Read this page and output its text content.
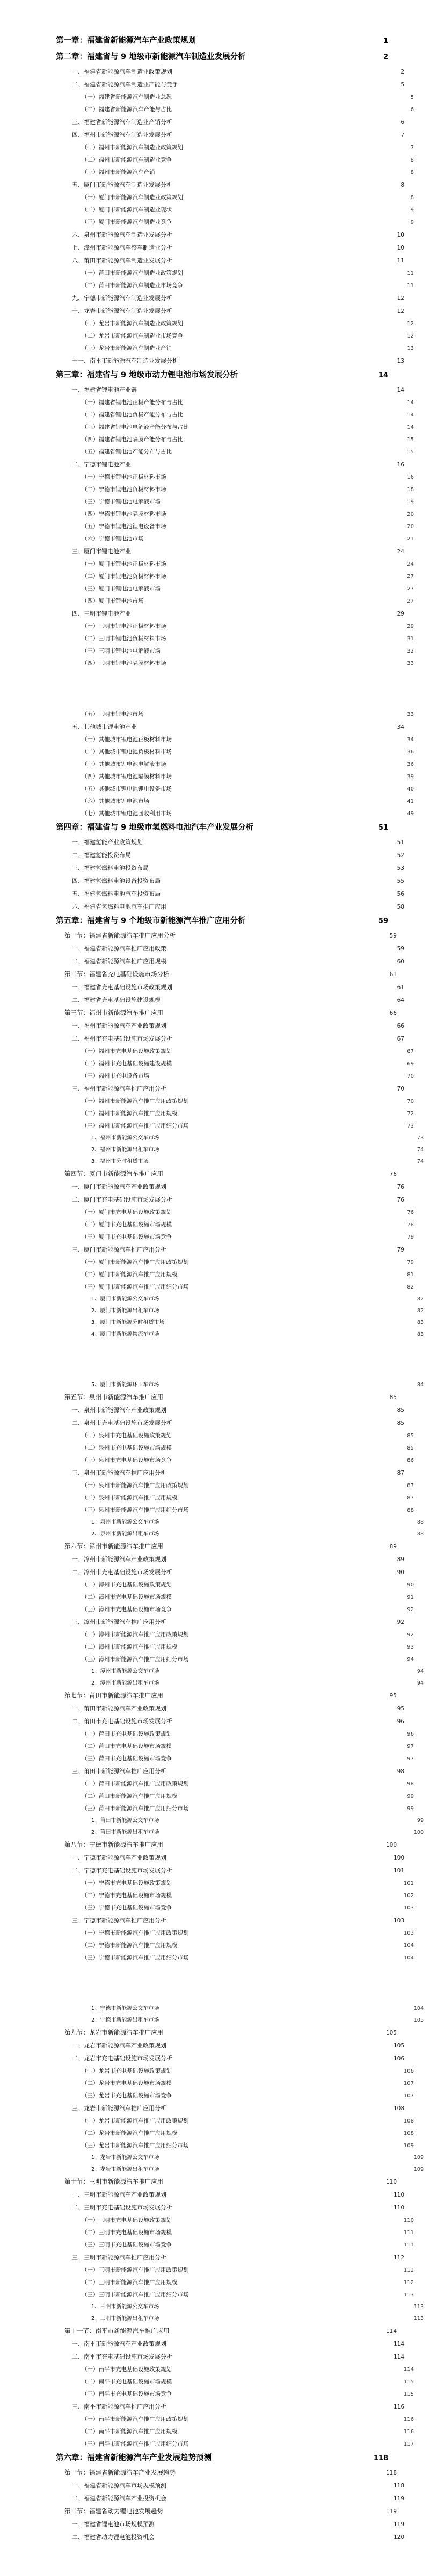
第一章：福建省新能源汽车产业政策规划 .....	1
第二章：福建省与 9 地级市新能源汽车制造业发展分析 .....	2
一、福建省新能源汽车制造业政策规划 .....	2
二、福建省新能源汽车制造业产能与竞争 .....	5
（一）福建省新能源汽车制造业总况 .....	5
（二）福建省新能源汽车产能与占比 .....	6
三、福建省新能源汽车制造业产销分析 .....	6
四、福州市新能源汽车制造业发展分析 .....	7
（一）福州市新能源汽车制造业政策规划 .....	7
（二）福州市新能源汽车制造业竞争 .....	8
（三）福州市新能源汽车产销 .....	8
五、厦门市新能源汽车制造业发展分析 .....	8
（一）厦门市新能源汽车制造业政策规划 .....	8
（二）厦门市新能源汽车制造业现状 .....	9
（三）厦门市新能源汽车制造业竞争 .....	9
六、泉州市新能源汽车制造业发展分析 .....	10
七、漳州市新能源汽车整车制造业分析 .....	10
八、莆田市新能源汽车制造业发展分析 .....	11
（一）莆田市新能源汽车制造业政策规划 .....	11
（二）莆田市新能源汽车制造业市场竞争 .....	11
九、宁德市新能源汽车制造业发展分析 .....	12
十、龙岩市新能源汽车制造业发展分析 .....	12
（一）龙岩市新能源汽车制造业政策规划 .....	12
（二）龙岩市新能源汽车制造业市场竞争 .....	12
（三）龙岩市新能源汽车制造业产销 .....	13
十一、南平市新能源汽车制造业发展分析 .....	13
第三章：福建省与 9 地级市动力锂电池市场发展分析 .....	14
一、福建省锂电池产业链 .....	14
（一）福建省锂电池正极产能分布与占比 .....	14
（二）福建省锂电池负极产能分布与占比 .....	14
（三）福建省锂电池电解液产能分布与占比 .....	14
（四）福建省锂电池隔膜产能分布与占比 .....	15
（五）福建省锂电池产能分布与占比 .....	15
二、宁德市锂电池产业 .....	16
（一）宁德市锂电池正极材料市场 .....	16
（二）宁德市锂电池负极材料市场 .....	18
（三）宁德市锂电池电解液市场 .....	19
（四）宁德市锂电池隔膜材料市场 .....	20
（五）宁德市锂电池锂电设备市场 .....	20
（六）宁德市锂电池市场 .....	21
三、厦门市锂电池产业 .....	24
（一）厦门市锂电池正极材料市场 .....	24
（二）厦门市锂电池负极材料市场 .....	27
（三）厦门市锂电池电解液市场 .....	27
（四）厦门市锂电池市场 .....	27
四、三明市锂电池产业 .....	29
（一）三明市锂电池正极材料市场 .....	29
（二）三明市锂电池负极材料市场 .....	31
（三）三明市锂电池电解液市场 .....	32
（四）三明市锂电池隔膜材料市场 .....	33
（五）三明市锂电池市场 .....	33
五、其他城市锂电池产业 .....	34
（一）其他城市锂电池正极材料市场 .....	34
（二）其他城市锂电池负极材料市场 .....	36
（三）其他城市锂电池电解液市场 .....	36
（四）其他城市锂电池隔膜材料市场 .....	39
（五）其他城市锂电池锂电设备市场 .....	40
（六）其他城市锂电池市场 .....	41
（七）其他城市锂电池回收利用市场 .....	49
第四章：福建省与 9 地级市氢燃料电池汽车产业发展分析 .....	51
一、福建氢能产业政策规划 .....	51
二、福建氢能投资布局 .....	52
三、福建氢燃料电池投资布局 .....	53
四、福建氢燃料电池设备投资布局 .....	55
五、福建氢燃料电池汽车投资布局 .....	56
六、福建省氢燃料电池汽车推广应用 .....	58
第五章：福建省与 9 个地级市新能源汽车推广应用分析 .....	59
第一节：福建省新能源汽车推广应用分析 .....	59
一、福建省新能源汽车推广应用政策 .....	59
二、福建省新能源汽车推广应用规模 .....	60
第二节：福建省充电基础设施市场分析 .....	61
一、福建省充电基础设施市场政策规划 .....	61
二、福建省充电基础设施建设规模 .....	64
第三节：福州市新能源汽车推广应用 .....	66
一、福州市新能源汽车产业政策规划 .....	66
二、福州市充电基础设施市场发展分析 .....	67
（一）福州市充电基础设施政策规划 .....	67
（二）福州市充电基础设施建设规模 .....	69
（三）福州市充电设备市场 .....	70
三、福州市新能源汽车推广应用分析 .....	70
（一）福州市新能源汽车推广应用政策规划 .....	70
（二）福州市新能源汽车推广应用规模 .....	72
（三）福州市新能源汽车推广应用细分市场 .....	73
1、福州市新能源公交车市场 .....	73
2、福州市新能源出租车市场 .....	74
3、福州市分时租赁市场 .....	74
第四节：厦门市新能源汽车推广应用 .....	76
一、厦门市新能源汽车产业政策规划 .....	76
二、厦门市充电基础设施市场发展分析 .....	76
（一）厦门市充电基础设施政策规划 .....	76
（二）厦门市充电基础设施市场规模 .....	78
（三）厦门市充电基础设施市场竞争 .....	79
三、厦门市新能源汽车推广应用分析 .....	79
（一）厦门市新能源汽车推广应用政策规划 .....	79
（二）厦门市新能源汽车推广应用规模 .....	81
（三）厦门市新能源汽车推广应用细分市场 .....	82
1、厦门市新能源公交车市场 .....	82
2、厦门市新能源出租车市场 .....	82
3、厦门市新能源分时租赁市场 .....	83
4、厦门市新能源物流车市场 .....	83
5、厦门市新能源环卫车市场 .....	84
第五节：泉州市新能源汽车推广应用 .....	85
一、泉州市新能源汽车产业政策规划 .....	85
二、泉州市充电基础设施市场发展分析 .....	85
（一）泉州市充电基础设施政策规划 .....	85
（二）泉州市充电基础设施市场规模 .....	85
（三）泉州市充电基础设施市场竞争 .....	86
三、泉州市新能源汽车推广应用分析 .....	87
（一）泉州市新能源汽车推广应用政策规划 .....	87
（二）泉州市新能源汽车推广应用规模 .....	87
（三）泉州市新能源汽车推广应用细分市场 .....	88
1、泉州市新能源公交车市场 .....	88
2、泉州市新能源出租车市场 .....	88
第六节：漳州市新能源汽车推广应用 .....	89
一、漳州市新能源汽车产业政策规划 .....	89
二、漳州市充电基础设施市场发展分析 .....	90
（一）漳州市充电基础设施政策规划 .....	90
（二）漳州市充电基础设施市场规模 .....	91
（三）漳州市充电基础设施市场竞争 .....	92
三、漳州市新能源汽车推广应用分析 .....	92
（一）漳州市新能源汽车推广应用政策规划 .....	92
（二）漳州市新能源汽车推广应用规模 .....	93
（三）漳州市新能源汽车推广应用细分市场 .....	94
1、漳州市新能源公交车市场 .....	94
2、漳州市新能源出租车市场 .....	94
第七节：莆田市新能源汽车推广应用 .....	95
一、莆田市新能源汽车产业政策规划 .....	95
二、莆田市充电基础设施市场发展分析 .....	96
（一）莆田市充电基础设施政策规划 .....	96
（二）莆田市充电基础设施市场规模 .....	97
（三）莆田市充电基础设施市场竞争 .....	97
三、莆田市新能源汽车推广应用分析 .....	98
（一）莆田市新能源汽车推广应用政策规划 .....	98
（二）莆田市新能源汽车推广应用规模 .....	99
（三）莆田市新能源汽车推广应用细分市场 .....	99
1、莆田市新能源公交车市场 .....	99
2、莆田市新能源出租车市场 .....	100
第八节：宁德市新能源汽车推广应用 .....	100
一、宁德市新能源汽车产业政策规划 .....	100
二、宁德市充电基础设施市场发展分析 .....	101
（一）宁德市充电基础设施政策规划 .....	101
（二）宁德市充电基础设施市场规模 .....	102
（三）宁德市充电基础设施市场竞争 .....	103
三、宁德市新能源汽车推广应用分析 .....	103
（一）宁德市新能源汽车推广应用政策规划 .....	103
（二）宁德市新能源汽车推广应用规模 .....	104
（三）宁德市新能源汽车推广应用细分市场 .....	104
1、宁德市新能源公交车市场 .....	104
2、宁德市新能源出租车市场 .....	105
第九节：龙岩市新能源汽车推广应用 .....	105
一、龙岩市新能源汽车产业政策规划 .....	105
二、龙岩市充电基础设施市场发展分析 .....	106
（一）龙岩市充电基础设施政策规划 .....	106
（二）龙岩市充电基础设施市场规模 .....	107
（三）龙岩市充电基础设施市场竞争 .....	107
三、龙岩市新能源汽车推广应用分析 .....	108
（一）龙岩市新能源汽车推广应用政策规划 .....	108
（二）龙岩市新能源汽车推广应用规模 .....	108
（三）龙岩市新能源汽车推广应用细分市场 .....	109
1、龙岩市新能源公交车市场 .....	109
2、龙岩市新能源出租车市场 .....	109
第十节：三明市新能源汽车推广应用 .....	110
一、三明市新能源汽车产业政策规划 .....	110
二、三明市充电基础设施市场发展分析 .....	110
（一）三明市充电基础设施政策规划 .....	110
（二）三明市充电基础设施市场规模 .....	111
（三）三明市充电基础设施市场竞争 .....	111
三、三明市新能源汽车推广应用分析 .....	112
（一）三明市新能源汽车推广应用政策规划 .....	112
（二）三明市新能源汽车推广应用规模 .....	112
（三）三明市新能源汽车推广应用细分市场 .....	113
1、三明市新能源公交车市场 .....	113
2、三明市新能源出租车市场 .....	113
第十一节：南平市新能源汽车推广应用 .....	114
一、南平市新能源汽车产业政策规划 .....	114
二、南平市充电基础设施市场发展分析 .....	114
（一）南平市充电基础设施政策规划 .....	114
（二）南平市充电基础设施市场规模 .....	115
（三）南平市充电基础设施市场竞争 .....	115
三、南平市新能源汽车推广应用分析 .....	116
（一）南平市新能源汽车推广应用政策规划 .....	116
（二）南平市新能源汽车推广应用规模 .....	116
（三）南平市新能源汽车推广应用细分市场 .....	117
第六章：福建省新能源汽车产业发展趋势预测 .....	118
第一节：福建省新能源汽车产业发展趋势 .....	118
一、福建省新能源汽车市场规模预测 .....	118
二、福建省新能源汽车产业投资机会 .....	119
第二节：福建省动力锂电池发展趋势 .....	119
一、福建省锂电池市场规模预测 .....	119
二、福建省动力锂电池投资机会 .....	120
